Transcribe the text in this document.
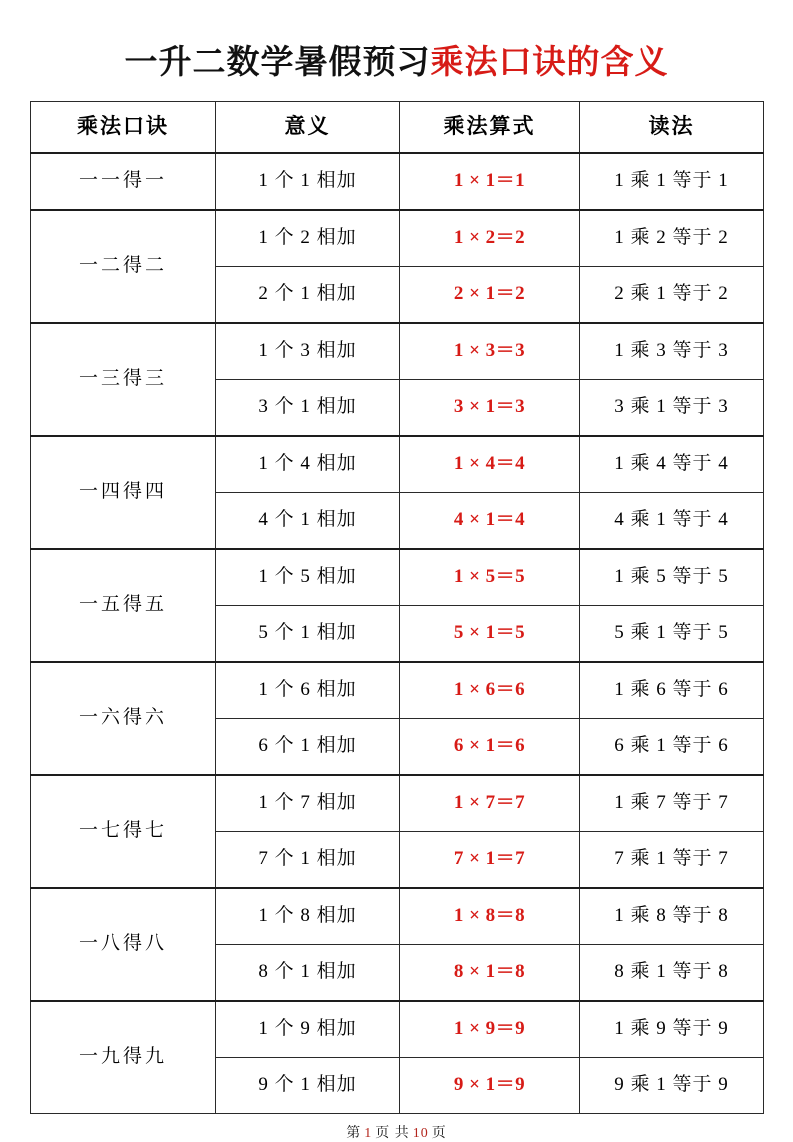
一升二数学暑假预习乘法口诀的含义
乘法口诀	意义	乘法算式	读法
一一得一	1 个 1 相加	1 × 1＝1	1 乘 1 等于 1
一二得二	1 个 2 相加	1 × 2＝2	1 乘 2 等于 2
	2 个 1 相加	2 × 1＝2	2 乘 1 等于 2
一三得三	1 个 3 相加	1 × 3＝3	1 乘 3 等于 3
	3 个 1 相加	3 × 1＝3	3 乘 1 等于 3
一四得四	1 个 4 相加	1 × 4＝4	1 乘 4 等于 4
	4 个 1 相加	4 × 1＝4	4 乘 1 等于 4
一五得五	1 个 5 相加	1 × 5＝5	1 乘 5 等于 5
	5 个 1 相加	5 × 1＝5	5 乘 1 等于 5
一六得六	1 个 6 相加	1 × 6＝6	1 乘 6 等于 6
	6 个 1 相加	6 × 1＝6	6 乘 1 等于 6
一七得七	1 个 7 相加	1 × 7＝7	1 乘 7 等于 7
	7 个 1 相加	7 × 1＝7	7 乘 1 等于 7
一八得八	1 个 8 相加	1 × 8＝8	1 乘 8 等于 8
	8 个 1 相加	8 × 1＝8	8 乘 1 等于 8
一九得九	1 个 9 相加	1 × 9＝9	1 乘 9 等于 9
	9 个 1 相加	9 × 1＝9	9 乘 1 等于 9
第 1 页 共 10 页
